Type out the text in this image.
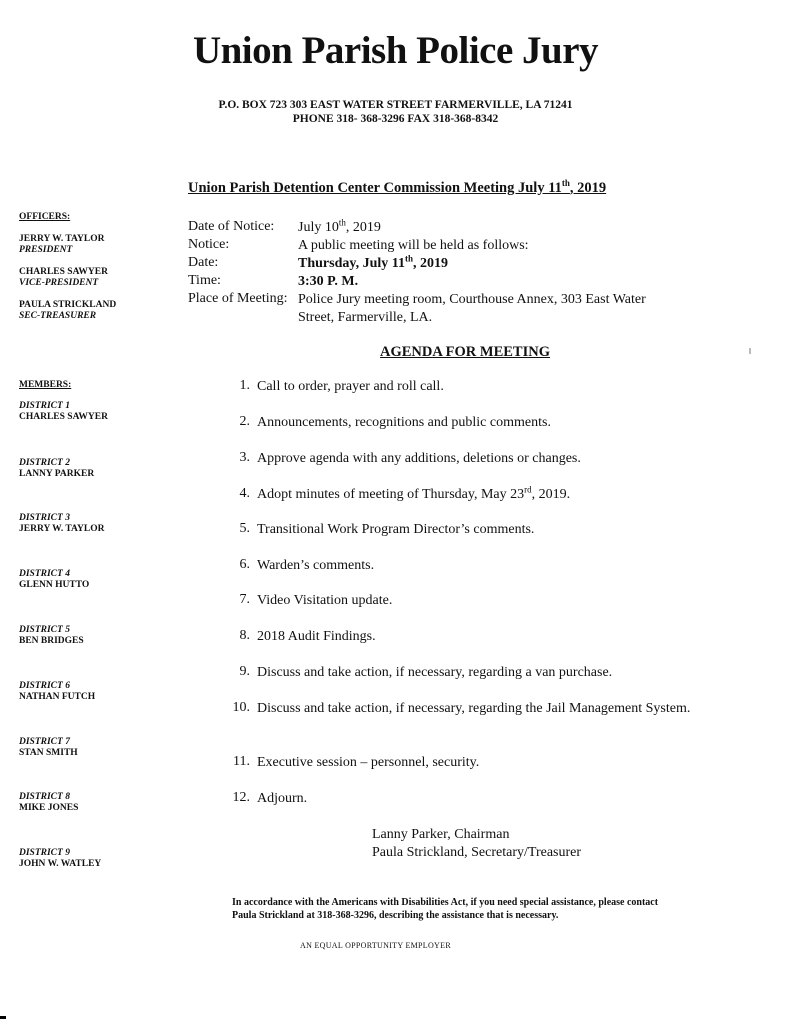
Union Parish Police Jury
P.O. BOX 723 303 EAST WATER STREET FARMERVILLE, LA 71241
PHONE 318- 368-3296 FAX 318-368-8342
Union Parish Detention Center Commission Meeting July 11th, 2019
OFFICERS:
JERRY W. TAYLOR
PRESIDENT
CHARLES SAWYER
VICE-PRESIDENT
PAULA STRICKLAND
SEC-TREASURER
MEMBERS:
DISTRICT 1
CHARLES SAWYER
DISTRICT 2
LANNY PARKER
DISTRICT 3
JERRY W. TAYLOR
DISTRICT 4
GLENN HUTTO
DISTRICT 5
BEN BRIDGES
DISTRICT 6
NATHAN FUTCH
DISTRICT 7
STAN SMITH
DISTRICT 8
MIKE JONES
DISTRICT 9
JOHN W. WATLEY
Date of Notice: July 10th, 2019
Notice:	A public meeting will be held as follows:
Date:	Thursday, July 11th, 2019
Time:	3:30 P. M.
Place of Meeting: Police Jury meeting room, Courthouse Annex, 303 East Water
Street, Farmerville, LA.
AGENDA FOR MEETING
1. Call to order, prayer and roll call.
2. Announcements, recognitions and public comments.
3. Approve agenda with any additions, deletions or changes.
4. Adopt minutes of meeting of Thursday, May 23rd, 2019.
5. Transitional Work Program Director’s comments.
6. Warden’s comments.
7. Video Visitation update.
8. 2018 Audit Findings.
9. Discuss and take action, if necessary, regarding a van purchase.
10. Discuss and take action, if necessary, regarding the Jail Management System.
11. Executive session – personnel, security.
12. Adjourn.
Lanny Parker, Chairman
Paula Strickland, Secretary/Treasurer
In accordance with the Americans with Disabilities Act, if you need special assistance, please contact
Paula Strickland at 318-368-3296, describing the assistance that is necessary.
AN EQUAL OPPORTUNITY EMPLOYER
